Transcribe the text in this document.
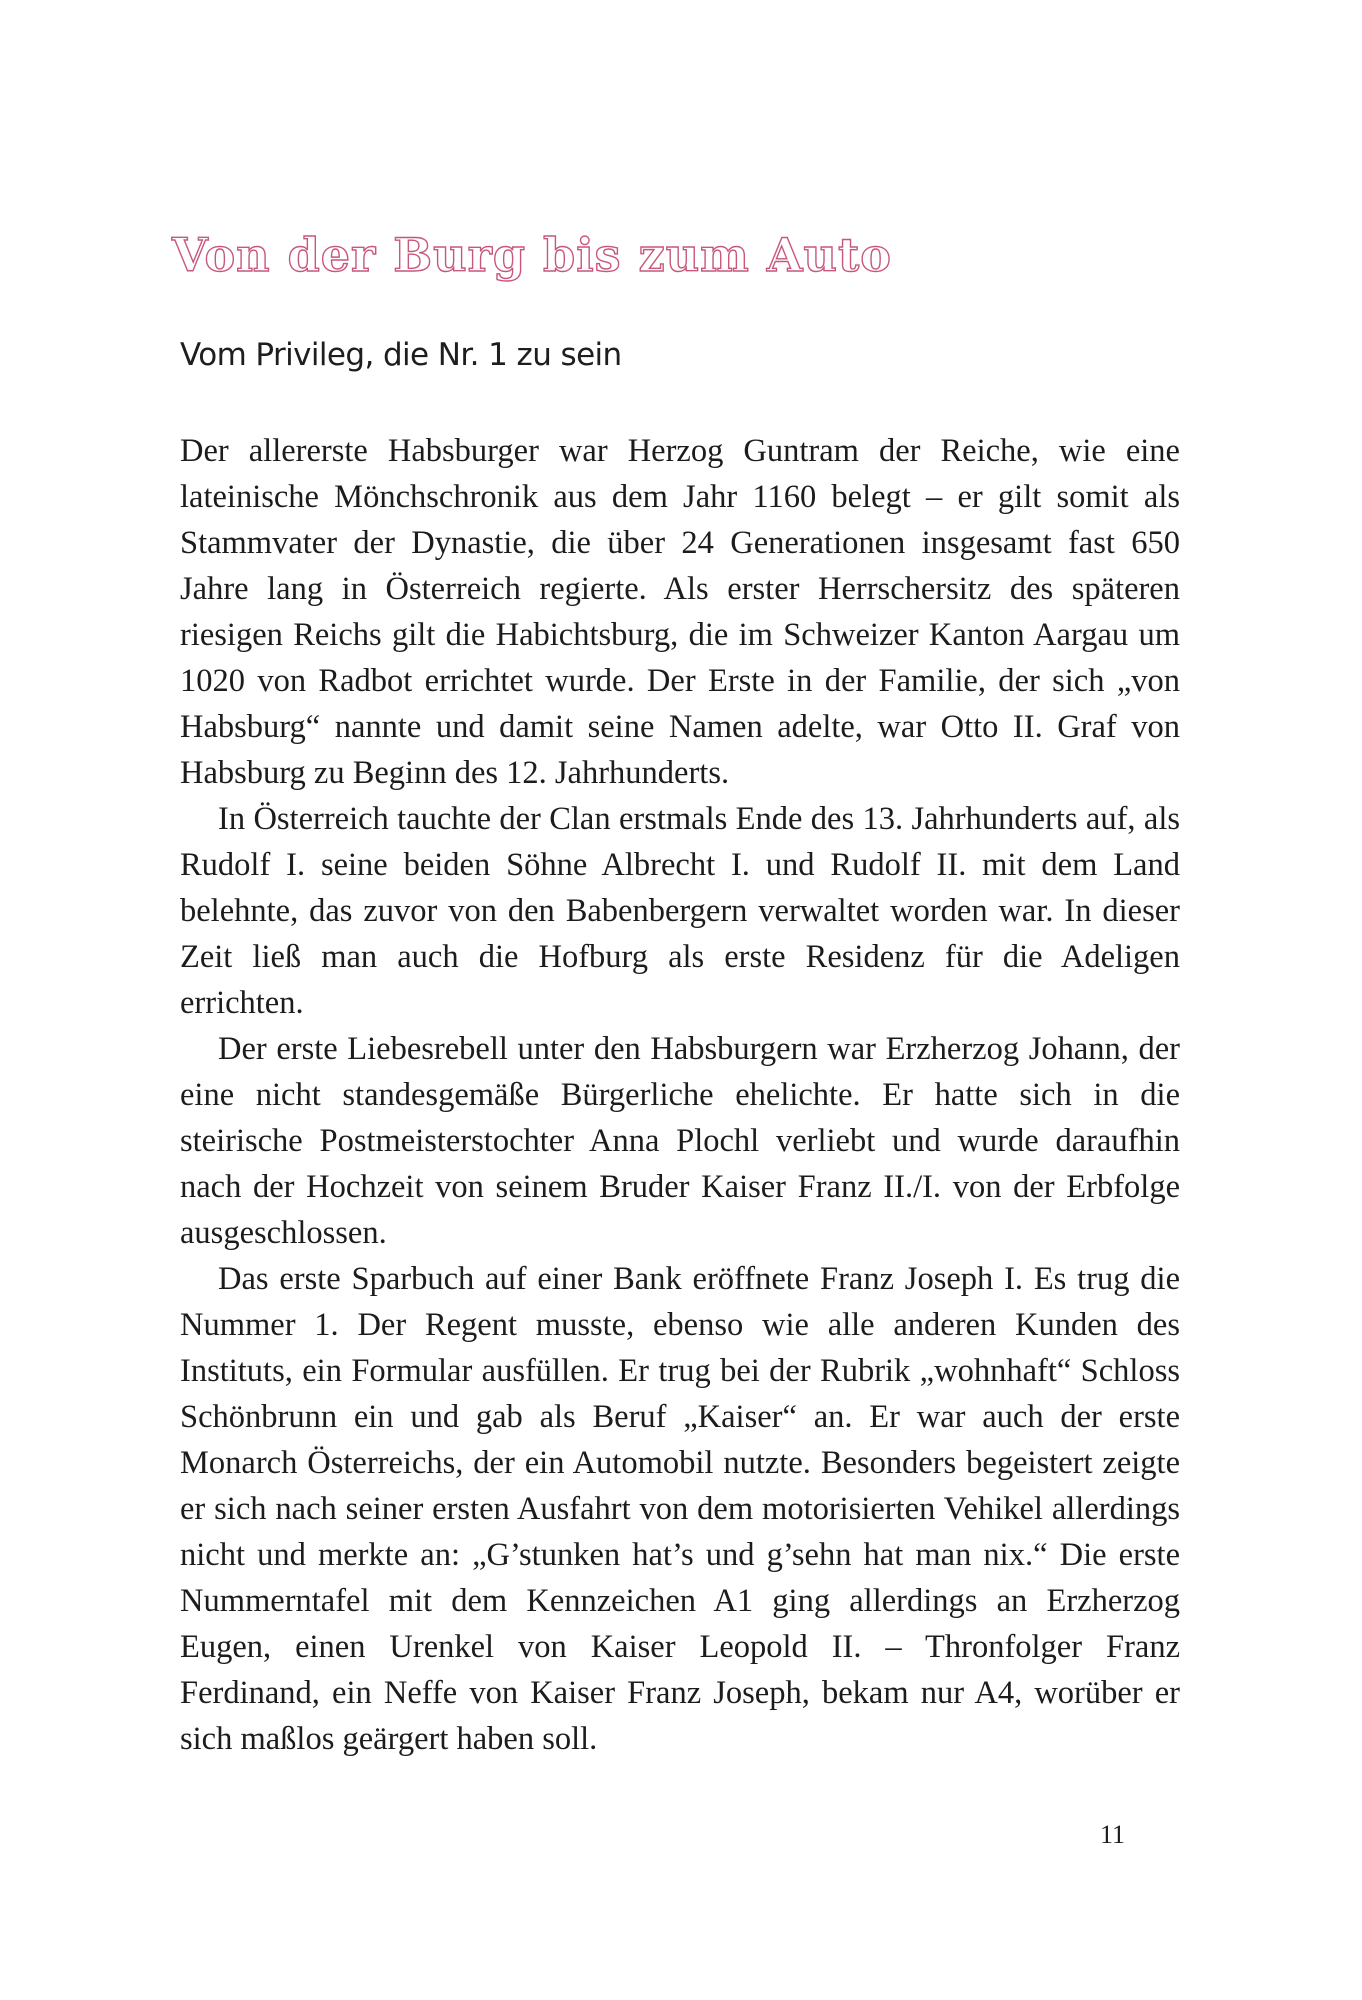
Von der Burg bis zum Auto
Vom Privileg, die Nr. 1 zu sein

Der allererste Habsburger war Herzog Guntram der Reiche, wie eine lateinische Mönchschronik aus dem Jahr 1160 belegt – er gilt somit als Stammvater der Dynastie, die über 24 Generationen insgesamt fast 650 Jahre lang in Österreich regierte. Als erster Herrschersitz des späteren riesigen Reichs gilt die Habichtsburg, die im Schweizer Kanton Aargau um 1020 von Radbot errichtet wurde. Der Erste in der Familie, der sich „von Habsburg“ nannte und damit seine Namen adelte, war Otto II. Graf von Habsburg zu Beginn des 12. Jahrhunderts.

In Österreich tauchte der Clan erstmals Ende des 13. Jahrhunderts auf, als Rudolf I. seine beiden Söhne Albrecht I. und Rudolf II. mit dem Land belehnte, das zuvor von den Babenbergern verwaltet worden war. In dieser Zeit ließ man auch die Hofburg als erste Residenz für die Adeligen errichten.

Der erste Liebesrebell unter den Habsburgern war Erzherzog Johann, der eine nicht standesgemäße Bürgerliche ehelichte. Er hatte sich in die steirische Postmeisterstochter Anna Plochl verliebt und wurde daraufhin nach der Hochzeit von seinem Bruder Kaiser Franz II./I. von der Erbfolge ausgeschlossen.

Das erste Sparbuch auf einer Bank eröffnete Franz Joseph I. Es trug die Nummer 1. Der Regent musste, ebenso wie alle anderen Kunden des Instituts, ein Formular ausfüllen. Er trug bei der Rubrik „wohnhaft“ Schloss Schönbrunn ein und gab als Beruf „Kaiser“ an. Er war auch der erste Monarch Österreichs, der ein Automobil nutzte. Besonders begeistert zeigte er sich nach seiner ersten Ausfahrt von dem motorisierten Vehikel allerdings nicht und merkte an: „G’stunken hat’s und g’sehn hat man nix.“ Die erste Nummerntafel mit dem Kennzeichen A1 ging allerdings an Erzherzog Eugen, einen Urenkel von Kaiser Leopold II. – Thronfolger Franz Ferdinand, ein Neffe von Kaiser Franz Joseph, bekam nur A4, worüber er sich maßlos geärgert haben soll.

11
